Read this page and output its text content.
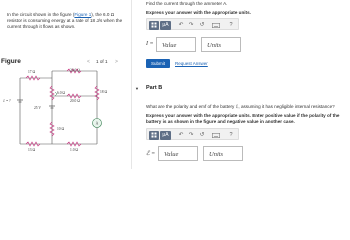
In the circuit shown in the figure (Figure 1), the 6.0 Ω resistor is consuming energy at a rate of 18 J/s when the current through it flows as shown.
Figure	< 1 of 1 >
A
ℰ = ?
20.0 Ω
17 Ω
6.0 Ω
20.0 Ω
18 Ω
25 V
10 Ω
13 Ω	1.0 Ω
Find the current through the ammeter A.
Express your answer with the appropriate units.
μA	↶ ↷	↺	?
I = Value	Units
Submit	Request Answer
▼ Part B
What are the polarity and emf of the battery ℰ, assuming it has negligible internal resistance?
Express your answer with the appropriate units. Enter positive value if the polarity of the battery is as shown in the figure and negative value in another case.
μA	↶ ↷	↺	?
ℰ = Value	Units
